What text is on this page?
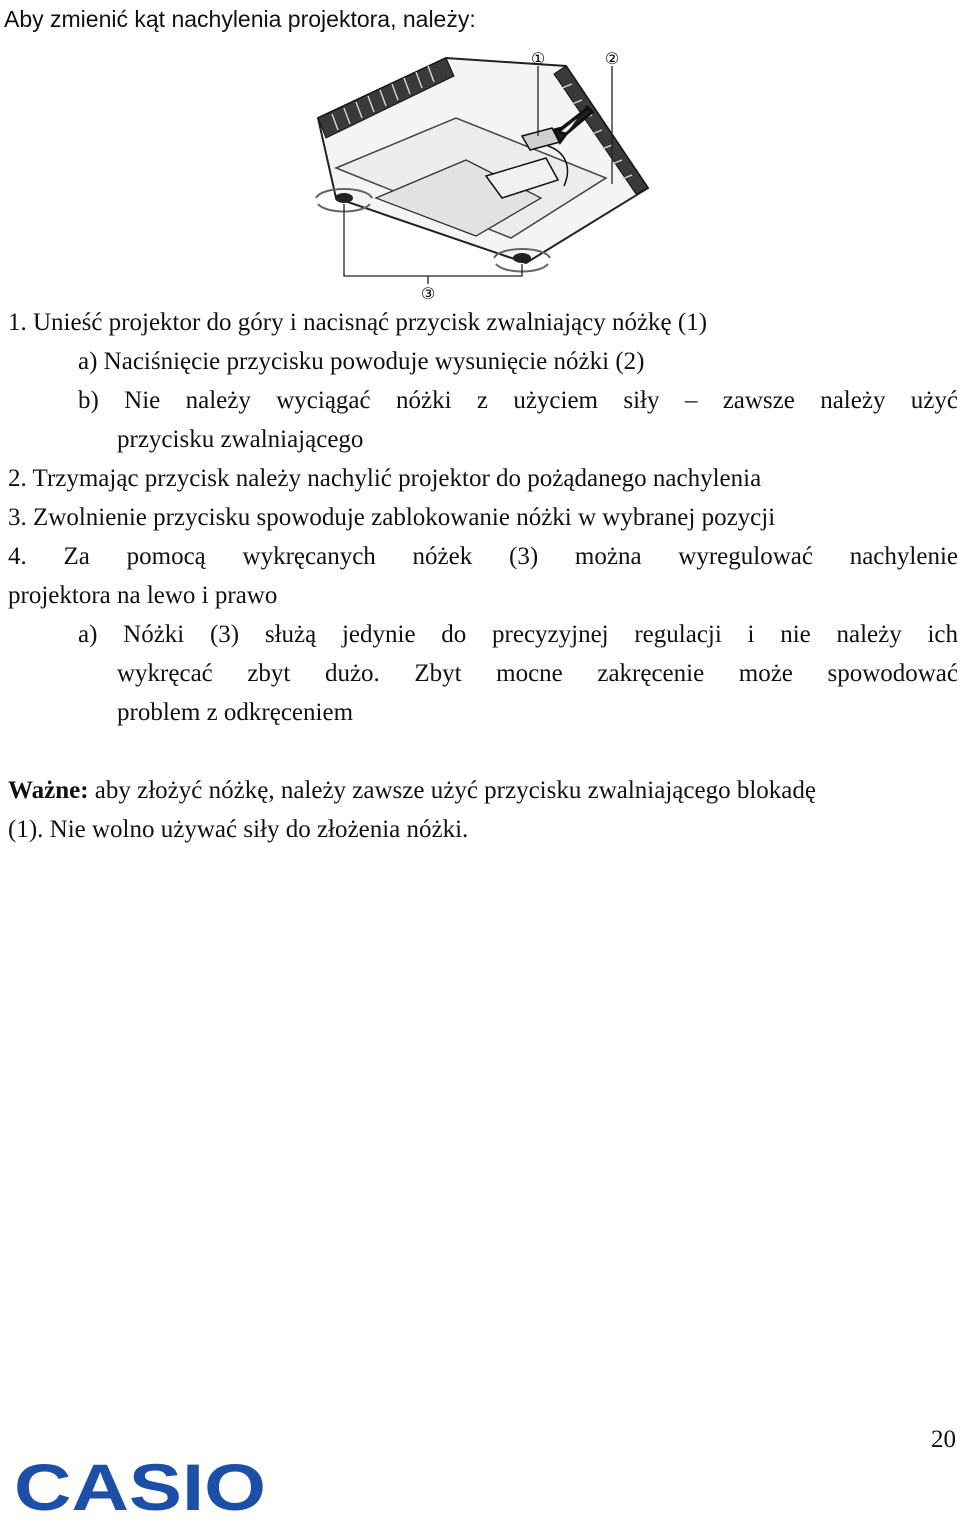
Aby zmienić kąt nachylenia projektora, należy:

①	②
③

1. Unieść projektor do góry i nacisnąć przycisk zwalniający nóżkę (1)

a) Naciśnięcie przycisku powoduje wysunięcie nóżki (2)

b) Nie należy wyciągać nóżki z użyciem siły – zawsze należy użyć

przycisku zwalniającego

2. Trzymając przycisk należy nachylić projektor do pożądanego nachylenia

3. Zwolnienie przycisku spowoduje zablokowanie nóżki w wybranej pozycji

4. Za pomocą wykręcanych nóżek (3) można wyregulować nachylenie

projektora na lewo i prawo

a) Nóżki (3) służą jedynie do precyzyjnej regulacji i nie należy ich

wykręcać zbyt dużo. Zbyt mocne zakręcenie może spowodować

problem z odkręceniem

Ważne: aby złożyć nóżkę, należy zawsze użyć przycisku zwalniającego blokadę

(1). Nie wolno używać siły do złożenia nóżki.

20
CASIO
